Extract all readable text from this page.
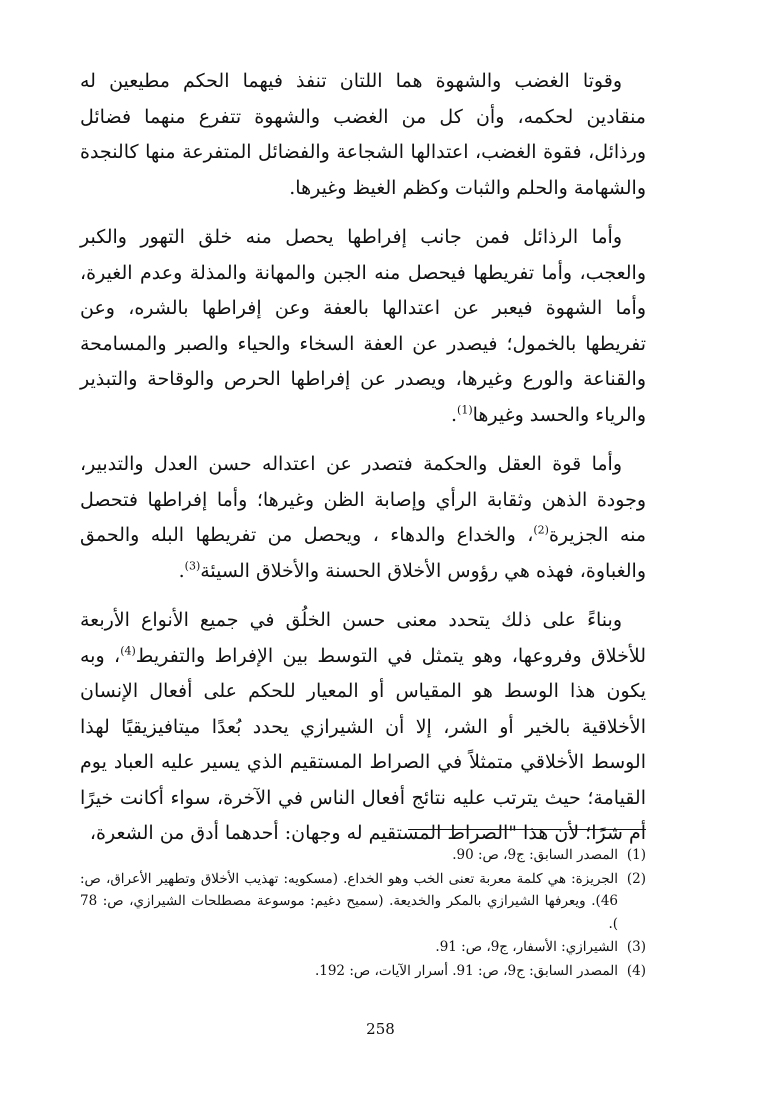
وقوتا الغضب والشهوة هما اللتان تنفذ فيهما الحكم مطيعين له منقادين لحكمه، وأن كل من الغضب والشهوة تتفرع منهما فضائل ورذائل، فقوة الغضب، اعتدالها الشجاعة والفضائل المتفرعة منها كالنجدة والشهامة والحلم والثبات وكظم الغيظ وغيرها.

وأما الرذائل فمن جانب إفراطها يحصل منه خلق التهور والكبر والعجب، وأما تفريطها فيحصل منه الجبن والمهانة والمذلة وعدم الغيرة، وأما الشهوة فيعبر عن اعتدالها بالعفة وعن إفراطها بالشره، وعن تفريطها بالخمول؛ فيصدر عن العفة السخاء والحياء والصبر والمسامحة والقناعة والورع وغيرها، ويصدر عن إفراطها الحرص والوقاحة والتبذير والرياء والحسد وغيرها$^{(1)}$.

وأما قوة العقل والحكمة فتصدر عن اعتداله حسن العدل والتدبير، وجودة الذهن وثقابة الرأي وإصابة الظن وغيرها؛ وأما إفراطها فتحصل منه الجزيرة$^{(2)}$، والخداع والدهاء ، ويحصل من تفريطها البله والحمق والغباوة، فهذه هي رؤوس الأخلاق الحسنة والأخلاق السيئة$^{(3)}$.

وبناءً على ذلك يتحدد معنى حسن الخلُق في جميع الأنواع الأربعة للأخلاق وفروعها، وهو يتمثل في التوسط بين الإفراط والتفريط$^{(4)}$، وبه يكون هذا الوسط هو المقياس أو المعيار للحكم على أفعال الإنسان الأخلاقية بالخير أو الشر، إلا أن الشيرازي يحدد بُعدًا ميتافيزيقيًا لهذا الوسط الأخلاقي متمثلاً في الصراط المستقيم الذي يسير عليه العباد يوم القيامة؛ حيث يترتب عليه نتائج أفعال الناس في الآخرة، سواء أكانت خيرًا أم شرًا؛ لأن هذا "الصراط المستقيم له وجهان: أحدهما أدق من الشعرة،

(1)
المصدر السابق: ج9، ص: 90.
(2)
الجريزة: هي كلمة معربة تعنى الخب وهو الخداع. (مسكويه: تهذيب الأخلاق وتطهير الأعراق، ص: 46). ويعرفها الشيرازي بالمكر والخديعة. (سميح دغيم: موسوعة مصطلحات الشيرازي، ص: 78 ).
(3)
الشيرازي: الأسفار، ج9، ص: 91.
(4)
المصدر السابق: ج9، ص: 91. أسرار الآيات، ص: 192.
258
